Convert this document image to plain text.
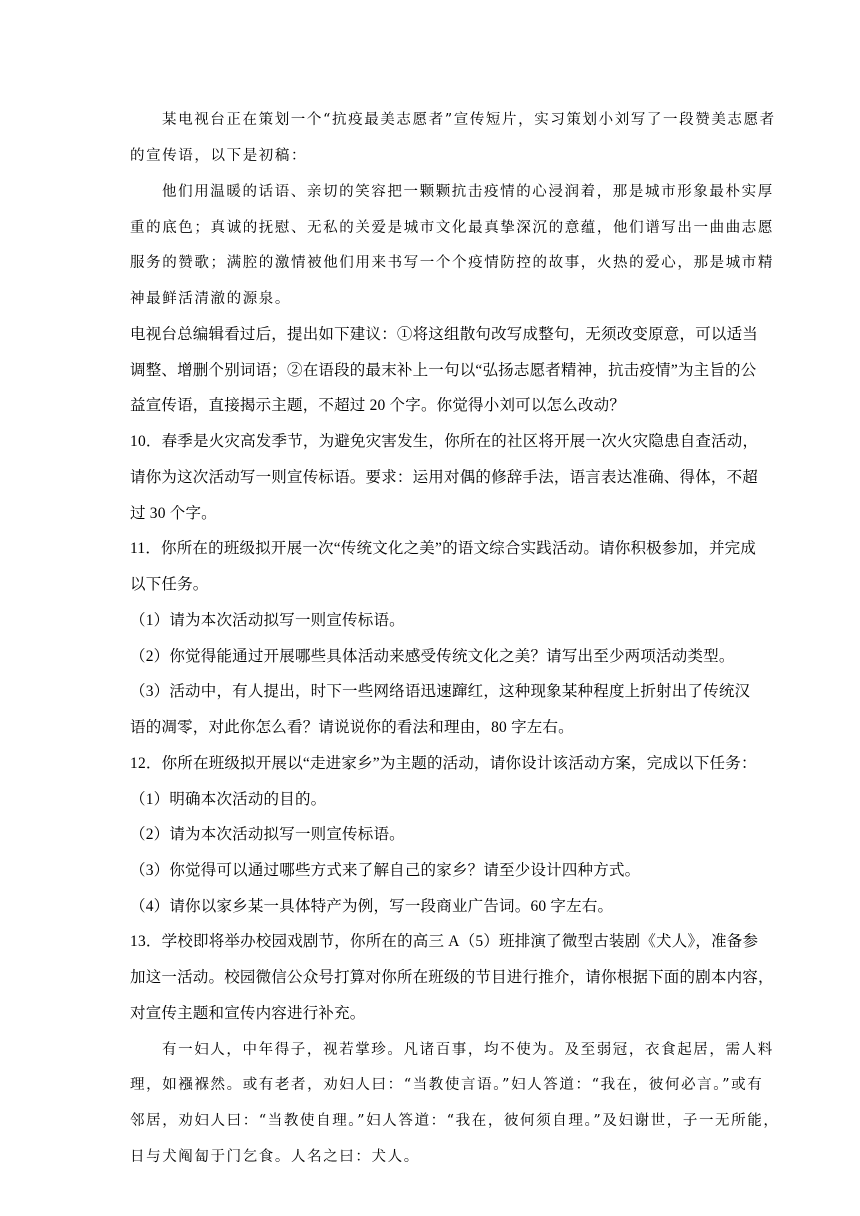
某电视台正在策划一个“抗疫最美志愿者”宣传短片，实习策划小刘写了一段赞美志愿者

的宣传语，以下是初稿：

他们用温暖的话语、亲切的笑容把一颗颗抗击疫情的心浸润着，那是城市形象最朴实厚

重的底色；真诚的抚慰、无私的关爱是城市文化最真挚深沉的意蕴，他们谱写出一曲曲志愿

服务的赞歌；满腔的激情被他们用来书写一个个疫情防控的故事，火热的爱心，那是城市精

神最鲜活清澈的源泉。

电视台总编辑看过后，提出如下建议：①将这组散句改写成整句，无须改变原意，可以适当

调整、增删个别词语；②在语段的最末补上一句以“弘扬志愿者精神，抗击疫情”为主旨的公

益宣传语，直接揭示主题，不超过 20 个字。你觉得小刘可以怎么改动？

10．春季是火灾高发季节，为避免灾害发生，你所在的社区将开展一次火灾隐患自查活动，

请你为这次活动写一则宣传标语。要求：运用对偶的修辞手法，语言表达准确、得体，不超

过 30 个字。

11．你所在的班级拟开展一次“传统文化之美”的语文综合实践活动。请你积极参加，并完成

以下任务。

（1）请为本次活动拟写一则宣传标语。

（2）你觉得能通过开展哪些具体活动来感受传统文化之美？请写出至少两项活动类型。

（3）活动中，有人提出，时下一些网络语迅速蹿红，这种现象某种程度上折射出了传统汉

语的凋零，对此你怎么看？请说说你的看法和理由，80 字左右。

12．你所在班级拟开展以“走进家乡”为主题的活动，请你设计该活动方案，完成以下任务：

（1）明确本次活动的目的。

（2）请为本次活动拟写一则宣传标语。

（3）你觉得可以通过哪些方式来了解自己的家乡？请至少设计四种方式。

（4）请你以家乡某一具体特产为例，写一段商业广告词。60 字左右。

13．学校即将举办校园戏剧节，你所在的高三 A（5）班排演了微型古装剧《犬人》，准备参

加这一活动。校园微信公众号打算对你所在班级的节目进行推介，请你根据下面的剧本内容，

对宣传主题和宣传内容进行补充。

有一妇人，中年得子，视若掌珍。凡诸百事，均不使为。及至弱冠，衣食起居，需人料

理，如襁褓然。或有老者，劝妇人曰：“当教使言语。”妇人答道：“我在，彼何必言。”或有

邻居，劝妇人曰：“当教使自理。”妇人答道：“我在，彼何须自理。”及妇谢世，子一无所能，

日与犬阄匐于门乞食。人名之曰：犬人。
